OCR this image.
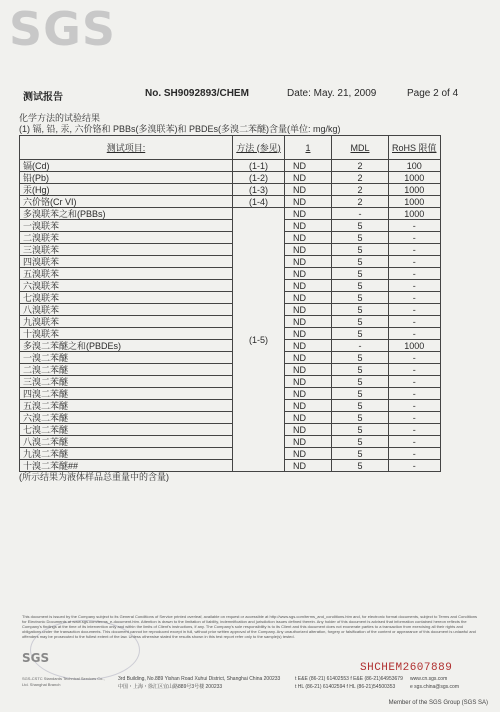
SGS
测试报告	No. SH9092893/CHEM	Date: May. 21, 2009	Page 2 of 4
化学方法的试验结果
(1) 镉, 铅, 汞, 六价铬和 PBBs(多溴联苯)和 PBDEs(多溴二苯醚)含量(单位: mg/kg)
测试项目:	方法 (参见)	1	MDL	RoHS 限值
镉(Cd)	(1-1)	ND	2	100
铅(Pb)	(1-2)	ND	2	1000
汞(Hg)	(1-3)	ND	2	1000
六价铬(Cr VI)	(1-4)	ND	2	1000
多溴联苯之和(PBBs)	(1-5)	ND	-	1000
一溴联苯		ND	5	-
二溴联苯		ND	5	-
三溴联苯		ND	5	-
四溴联苯		ND	5	-
五溴联苯		ND	5	-
六溴联苯		ND	5	-
七溴联苯		ND	5	-
八溴联苯		ND	5	-
九溴联苯		ND	5	-
十溴联苯		ND	5	-
多溴二苯醚之和(PBDEs)		ND	-	1000
一溴二苯醚		ND	5	-
二溴二苯醚		ND	5	-
三溴二苯醚		ND	5	-
四溴二苯醚		ND	5	-
五溴二苯醚		ND	5	-
六溴二苯醚		ND	5	-
七溴二苯醚		ND	5	-
八溴二苯醚		ND	5	-
九溴二苯醚		ND	5	-
十溴二苯醚##		ND	5	-
(所示结果为液体样品总重量中的含量)
This document is issued by the Company subject to its General Conditions of Service printed overleaf, available on request or accessible at http://www.sgs.com/terms_and_conditions.htm and, for electronic format documents, subject to Terms and Conditions for Electronic Documents at www.sgs.com/terms_e-document.htm. Attention is drawn to the limitation of liability, indemnification and jurisdiction issues defined therein. Any holder of this document is advised that information contained hereon reflects the Company's findings at the time of its intervention only and within the limits of Client's instructions, if any. The Company's sole responsibility is to its Client and this document does not exonerate parties to a transaction from exercising all their rights and obligations under the transaction documents. This document cannot be reproduced except in full, without prior written approval of the Company. Any unauthorized alteration, forgery or falsification of the content or appearance of this document is unlawful and offenders may be prosecuted to the fullest extent of the law. Unless otherwise stated the results shown in this test report refer only to the sample(s) tested.
SGS
SGS-CSTC Standards Technical Services Co., Ltd. Shanghai Branch
3rd Building, No.889 Yishan Road Xuhui District, Shanghai China 200233
中国・上海・徐汇区宜山路889号3号楼 200233
t E&E (86-21) 61402553 f E&E (86-21)64953679
t HL (86-21) 61402594 f HL (86-21)54500353
www.cn.sgs.com
e sgs.china@sgs.com
SHCHEM2607889
Member of the SGS Group (SGS SA)
